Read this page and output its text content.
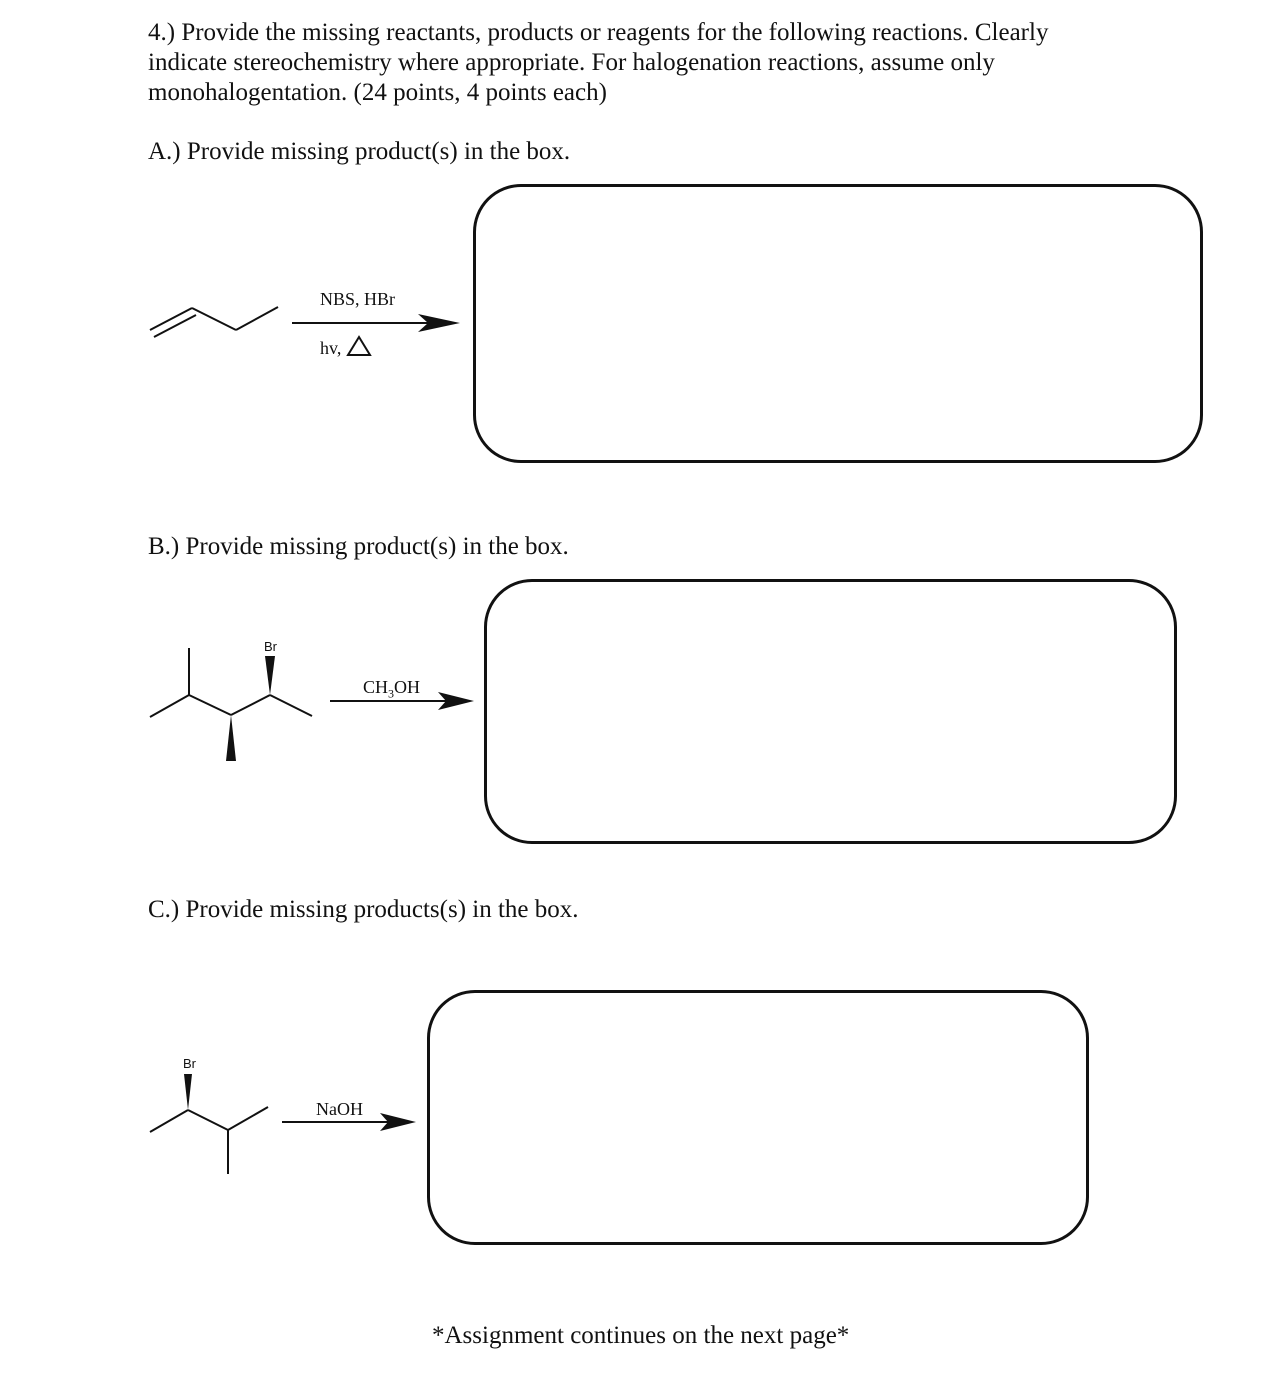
4.) Provide the missing reactants, products or reagents for the following reactions. Clearly
indicate stereochemistry where appropriate. For halogenation reactions, assume only
monohalogentation. (24 points, 4 points each)
A.) Provide missing product(s) in the box.
NBS, HBr
hv,
B.) Provide missing product(s) in the box.
Br
$CH_3OH$
C.) Provide missing products(s) in the box.
Br
NaOH
*Assignment continues on the next page*
